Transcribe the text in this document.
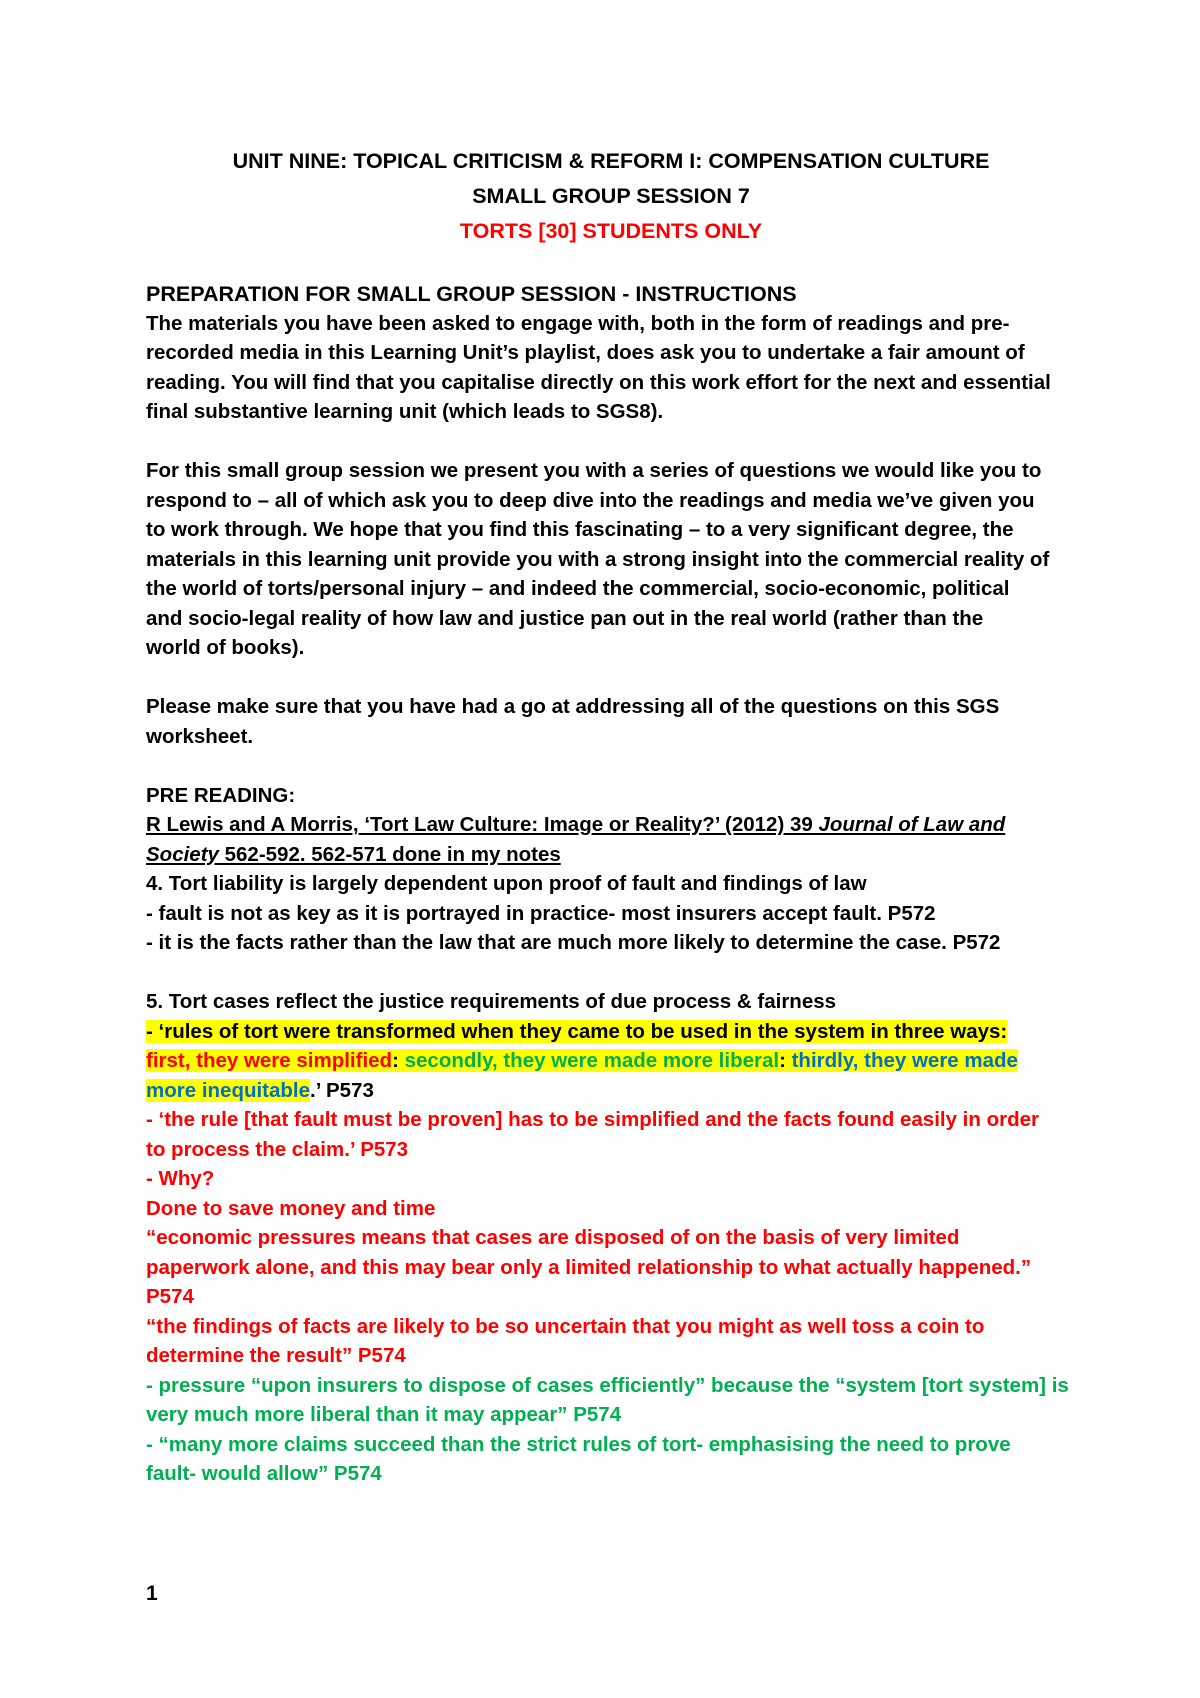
UNIT NINE: TOPICAL CRITICISM & REFORM I: COMPENSATION CULTURE
SMALL GROUP SESSION 7
TORTS [30] STUDENTS ONLY
PREPARATION FOR SMALL GROUP SESSION - INSTRUCTIONS
The materials you have been asked to engage with, both in the form of readings and pre-
recorded media in this Learning Unit’s playlist, does ask you to undertake a fair amount of
reading. You will find that you capitalise directly on this work effort for the next and essential
final substantive learning unit (which leads to SGS8).
For this small group session we present you with a series of questions we would like you to
respond to – all of which ask you to deep dive into the readings and media we’ve given you
to work through. We hope that you find this fascinating – to a very significant degree, the
materials in this learning unit provide you with a strong insight into the commercial reality of
the world of torts/personal injury – and indeed the commercial, socio-economic, political
and socio-legal reality of how law and justice pan out in the real world (rather than the
world of books).
Please make sure that you have had a go at addressing all of the questions on this SGS
worksheet.
PRE READING:
R Lewis and A Morris, ‘Tort Law Culture: Image or Reality?’ (2012) 39 Journal of Law and
Society 562-592. 562-571 done in my notes
4. Tort liability is largely dependent upon proof of fault and findings of law
- fault is not as key as it is portrayed in practice- most insurers accept fault. P572
- it is the facts rather than the law that are much more likely to determine the case. P572
5. Tort cases reflect the justice requirements of due process & fairness
- ‘rules of tort were transformed when they came to be used in the system in three ways:
first, they were simplified: secondly, they were made more liberal: thirdly, they were made
more inequitable.’ P573
- ‘the rule [that fault must be proven] has to be simplified and the facts found easily in order
to process the claim.’ P573
- Why?
Done to save money and time
“economic pressures means that cases are disposed of on the basis of very limited
paperwork alone, and this may bear only a limited relationship to what actually happened.”
P574
“the findings of facts are likely to be so uncertain that you might as well toss a coin to
determine the result” P574
- pressure “upon insurers to dispose of cases efficiently” because the “system [tort system] is
very much more liberal than it may appear” P574
- “many more claims succeed than the strict rules of tort- emphasising the need to prove
fault- would allow” P574
1
